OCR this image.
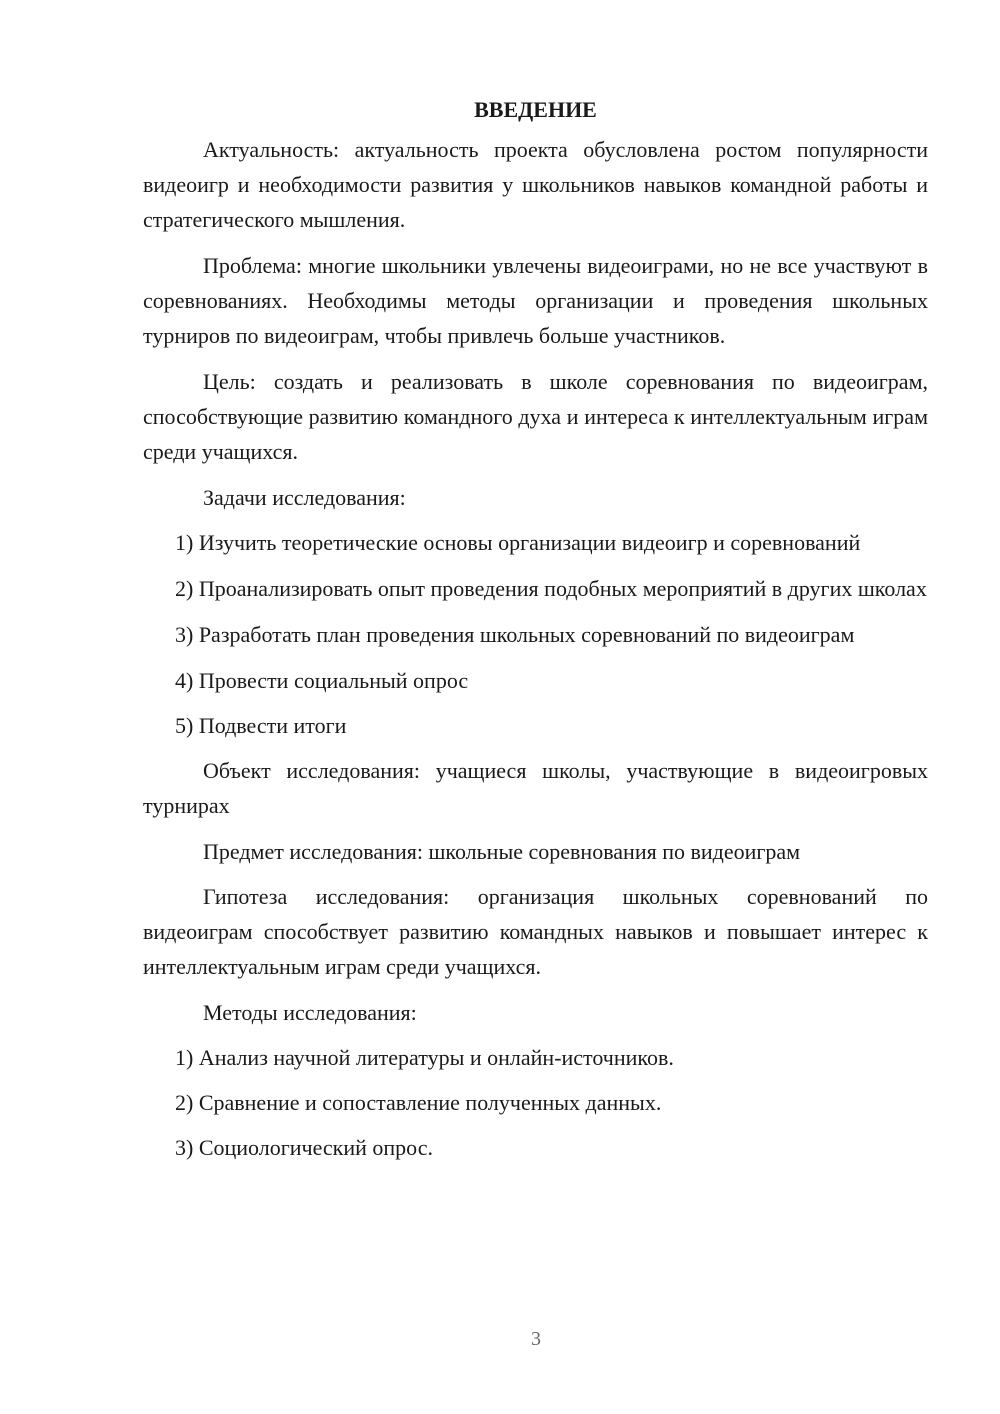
ВВЕДЕНИЕ

Актуальность: актуальность проекта обусловлена ростом популярности видеоигр и необходимости развития у школьников навыков командной работы и стратегического мышления.

Проблема: многие школьники увлечены видеоиграми, но не все участвуют в соревнованиях. Необходимы методы организации и проведения школьных турниров по видеоиграм, чтобы привлечь больше участников.

Цель: создать и реализовать в школе соревнования по видеоиграм, способствующие развитию командного духа и интереса к интеллектуальным играм среди учащихся.

Задачи исследования:

1) Изучить теоретические основы организации видеоигр и соревнований

2) Проанализировать опыт проведения подобных мероприятий в других школах

3) Разработать план проведения школьных соревнований по видеоиграм

4) Провести социальный опрос

5) Подвести итоги

Объект исследования: учащиеся школы, участвующие в видеоигровых турнирах

Предмет исследования: школьные соревнования по видеоиграм

Гипотеза исследования: организация школьных соревнований по видеоиграм способствует развитию командных навыков и повышает интерес к интеллектуальным играм среди учащихся.

Методы исследования:

1) Анализ научной литературы и онлайн-источников.

2) Сравнение и сопоставление полученных данных.

3) Социологический опрос.

3
